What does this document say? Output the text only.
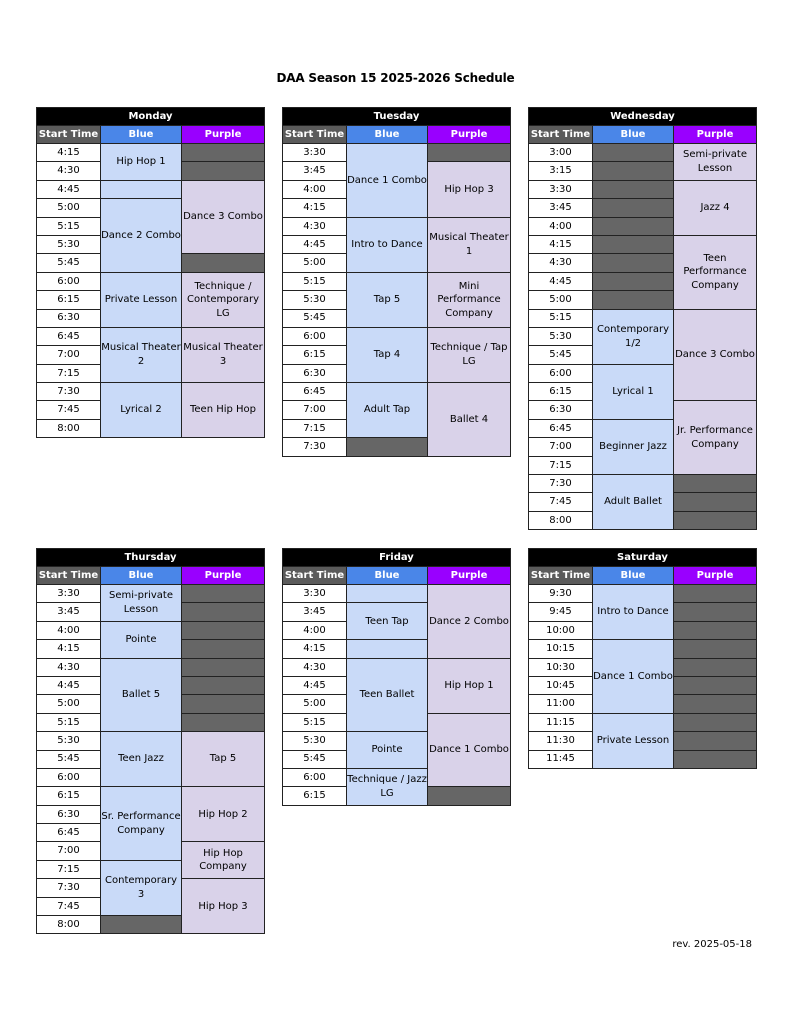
DAA Season 15 2025-2026 Schedule
Monday		
Start Time	Blue	Purple
4:15	Hip Hop 1	
4:30		
4:45		Dance 3 Combo
5:00	Dance 2 Combo	
5:15		
5:30		
5:45		
6:00	Private Lesson	Technique / Contemporary LG
6:15		
6:30		
6:45	Musical Theater 2	Musical Theater 3
7:00		
7:15		
7:30	Lyrical 2	Teen Hip Hop
7:45		
8:00		
Tuesday		
Start Time	Blue	Purple
3:30	Dance 1 Combo	
3:45		Hip Hop 3
4:00		
4:15		
4:30	Intro to Dance	Musical Theater 1
4:45		
5:00		
5:15	Tap 5	Mini Performance Company
5:30		
5:45		
6:00	Tap 4	Technique / Tap LG
6:15		
6:30		
6:45	Adult Tap	Ballet 4
7:00		
7:15		
7:30		
Wednesday		
Start Time	Blue	Purple
3:00		Semi-private Lesson
3:15		
3:30		Jazz 4
3:45		
4:00		
4:15		Teen Performance Company
4:30		
4:45		
5:00		
5:15	Contemporary 1/2	Dance 3 Combo
5:30		
5:45		
6:00	Lyrical 1	
6:15		
6:30		Jr. Performance Company
6:45	Beginner Jazz	
7:00		
7:15		
7:30	Adult Ballet	
7:45		
8:00		
Thursday		
Start Time	Blue	Purple
3:30	Semi-private Lesson	
3:45		
4:00	Pointe	
4:15		
4:30	Ballet 5	
4:45		
5:00		
5:15		
5:30	Teen Jazz	Tap 5
5:45		
6:00		
6:15	Sr. Performance Company	Hip Hop 2
6:30		
6:45		
7:00		Hip Hop Company
7:15	Contemporary 3	
7:30		Hip Hop 3
7:45		
8:00		
Friday		
Start Time	Blue	Purple
3:30		Dance 2 Combo
3:45	Teen Tap	
4:00		
4:15		
4:30	Teen Ballet	Hip Hop 1
4:45		
5:00		
5:15		Dance 1 Combo
5:30	Pointe	
5:45		
6:00	Technique / Jazz LG	
6:15		
Saturday		
Start Time	Blue	Purple
9:30	Intro to Dance	
9:45		
10:00		
10:15	Dance 1 Combo	
10:30		
10:45		
11:00		
11:15	Private Lesson	
11:30		
11:45		
rev. 2025-05-18
